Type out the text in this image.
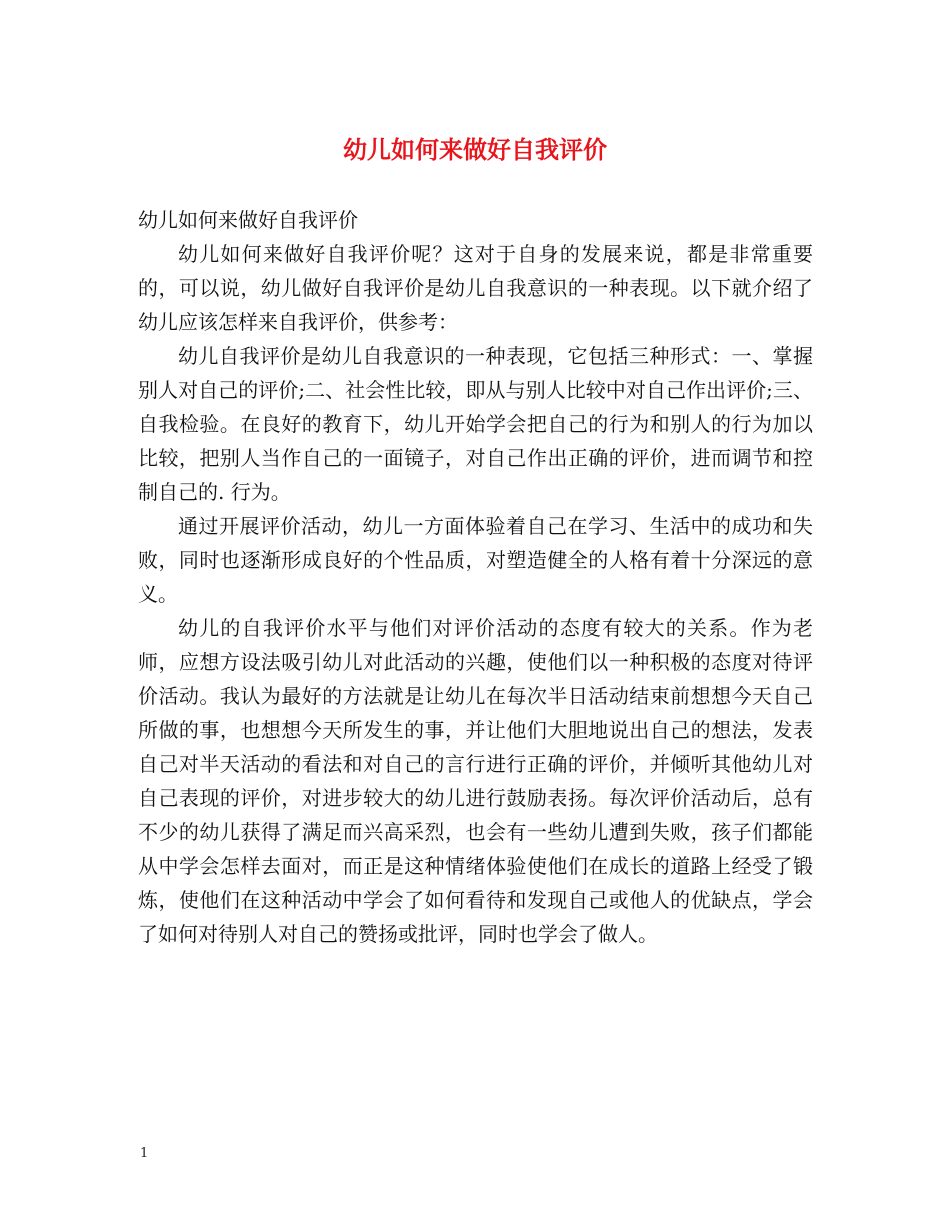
幼儿如何来做好自我评价

幼儿如何来做好自我评价

幼儿如何来做好自我评价呢？这对于自身的发展来说，都是非常重要的，可以说，幼儿做好自我评价是幼儿自我意识的一种表现。以下就介绍了幼儿应该怎样来自我评价，供参考：

幼儿自我评价是幼儿自我意识的一种表现，它包括三种形式：一、掌握别人对自己的评价;二、社会性比较，即从与别人比较中对自己作出评价;三、自我检验。在良好的教育下，幼儿开始学会把自己的行为和别人的行为加以比较，把别人当作自己的一面镜子，对自己作出正确的评价，进而调节和控制自己的. 行为。

通过开展评价活动，幼儿一方面体验着自己在学习、生活中的成功和失败，同时也逐渐形成良好的个性品质，对塑造健全的人格有着十分深远的意义。

幼儿的自我评价水平与他们对评价活动的态度有较大的关系。作为老师，应想方设法吸引幼儿对此活动的兴趣，使他们以一种积极的态度对待评价活动。我认为最好的方法就是让幼儿在每次半日活动结束前想想今天自己所做的事，也想想今天所发生的事，并让他们大胆地说出自己的想法，发表自己对半天活动的看法和对自己的言行进行正确的评价，并倾听其他幼儿对自己表现的评价，对进步较大的幼儿进行鼓励表扬。每次评价活动后，总有不少的幼儿获得了满足而兴高采烈，也会有一些幼儿遭到失败，孩子们都能从中学会怎样去面对，而正是这种情绪体验使他们在成长的道路上经受了锻炼，使他们在这种活动中学会了如何看待和发现自己或他人的优缺点，学会了如何对待别人对自己的赞扬或批评，同时也学会了做人。

1
